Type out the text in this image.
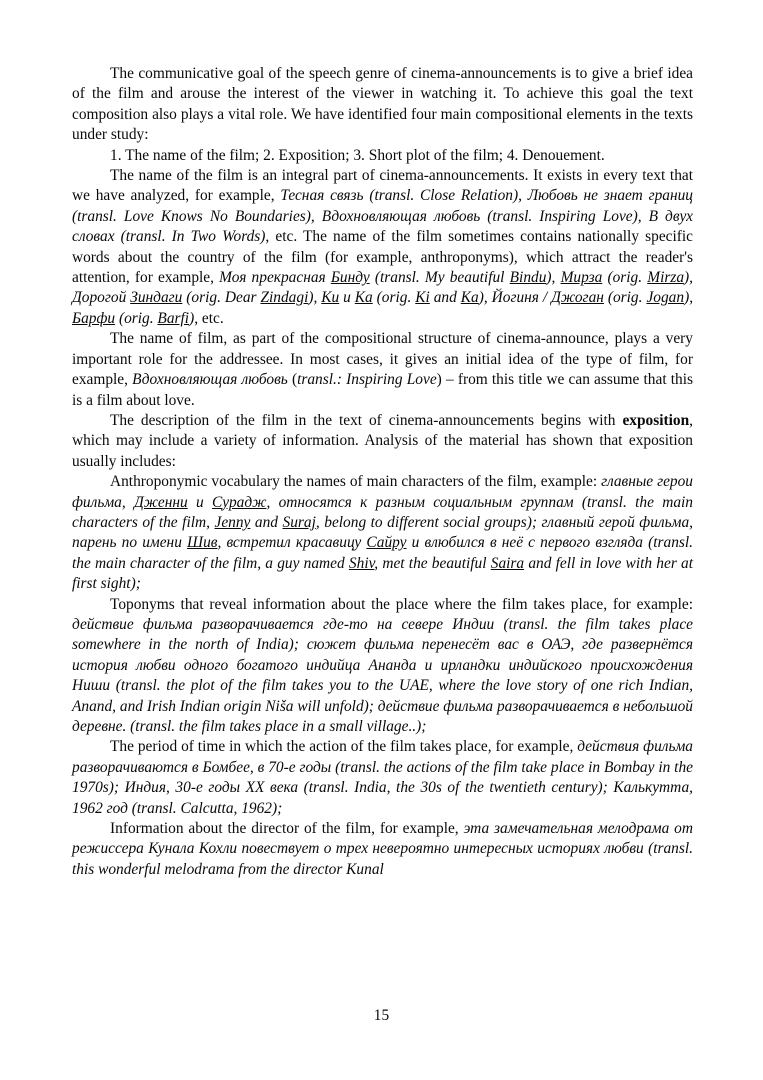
The communicative goal of the speech genre of cinema-announcements is to give a brief idea of the film and arouse the interest of the viewer in watching it. To achieve this goal the text composition also plays a vital role. We have identified four main compositional elements in the texts under study:

1. The name of the film; 2. Exposition; 3. Short plot of the film; 4. Denouement.

The name of the film is an integral part of cinema-announcements. It exists in every text that we have analyzed, for example, Тесная связь (transl. Close Relation), Любовь не знает границ (transl. Love Knows No Boundaries), Вдохновляющая любовь (transl. Inspiring Love), В двух словах (transl. In Two Words), etc. The name of the film sometimes contains nationally specific words about the country of the film (for example, anthroponyms), which attract the reader's attention, for example, Моя прекрасная Бинду (transl. My beautiful Bindu), Мирза (orig. Mirza), Дорогой Зиндаги (orig. Dear Zindagi), Ки и Ка (orig. Ki and Ka), Йогиня / Джоган (orig. Jogan), Барфи (orig. Barfi), etc.

The name of film, as part of the compositional structure of cinema-announce, plays a very important role for the addressee. In most cases, it gives an initial idea of the type of film, for example, Вдохновляющая любовь (transl.: Inspiring Love) – from this title we can assume that this is a film about love.

The description of the film in the text of cinema-announcements begins with exposition, which may include a variety of information. Analysis of the material has shown that exposition usually includes:

Anthroponymic vocabulary the names of main characters of the film, example: главные герои фильма, Дженни и Сурадж, относятся к разным социальным группам (transl. the main characters of the film, Jenny and Suraj, belong to different social groups); главный герой фильма, парень по имени Шив, встретил красавицу Сайру и влюбился в неё с первого взгляда (transl. the main character of the film, a guy named Shiv, met the beautiful Saira and fell in love with her at first sight);

Toponyms that reveal information about the place where the film takes place, for example: действие фильма разворачивается где-то на севере Индии (transl. the film takes place somewhere in the north of India); сюжет фильма перенесёт вас в ОАЭ, где развернётся история любви одного богатого индийца Ананда и ирландки индийского происхождения Ниши (transl. the plot of the film takes you to the UAE, where the love story of one rich Indian, Anand, and Irish Indian origin Niša will unfold); действие фильма разворачивается в небольшой деревне. (transl. the film takes place in a small village..);

The period of time in which the action of the film takes place, for example, действия фильма разворачиваются в Бомбее, в 70-е годы (transl. the actions of the film take place in Bombay in the 1970s); Индия, 30-е годы XX века (transl. India, the 30s of the twentieth century); Калькутта, 1962 год (transl. Calcutta, 1962);

Information about the director of the film, for example, эта замечательная мелодрама от режиссера Кунала Кохли повествует о трех невероятно интересных историях любви (transl. this wonderful melodrama from the director Kunal

15
